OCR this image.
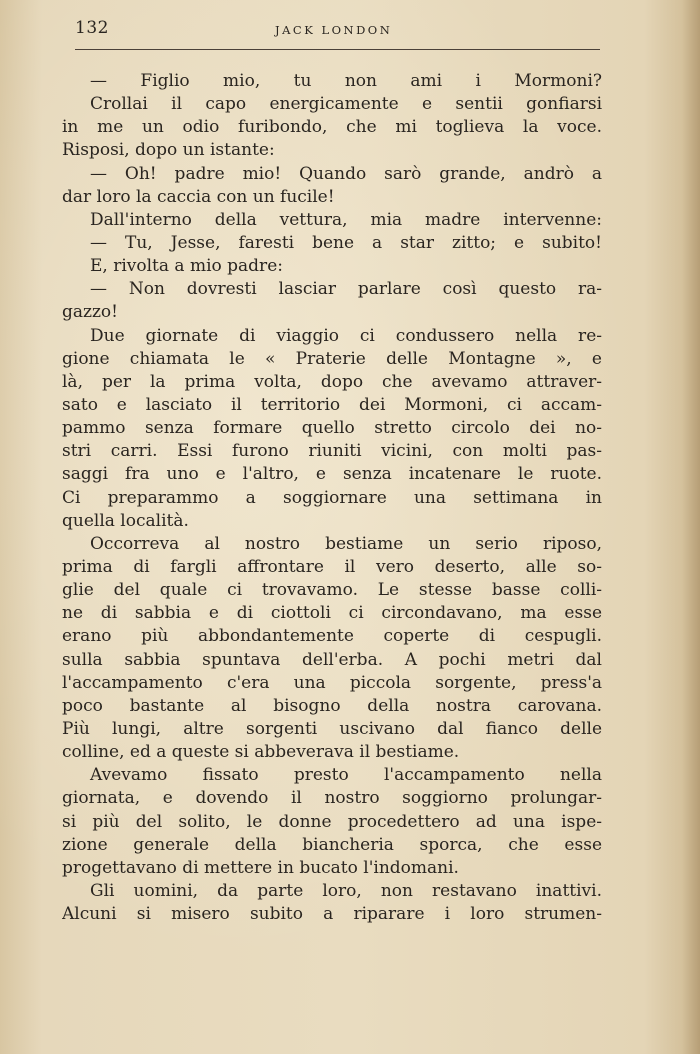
132	JACK LONDON
— Figlio mio, tu non ami i Mormoni?
Crollai il capo energicamente e sentii gonfiarsi
in me un odio furibondo, che mi toglieva la voce.
Risposi, dopo un istante:
— Oh! padre mio! Quando sarò grande, andrò a
dar loro la caccia con un fucile!
Dall'interno della vettura, mia madre intervenne:
— Tu, Jesse, faresti bene a star zitto; e subito!
E, rivolta a mio padre:
— Non dovresti lasciar parlare così questo ra-
gazzo!
Due giornate di viaggio ci condussero nella re-
gione chiamata le « Praterie delle Montagne », e
là, per la prima volta, dopo che avevamo attraver-
sato e lasciato il territorio dei Mormoni, ci accam-
pammo senza formare quello stretto circolo dei no-
stri carri. Essi furono riuniti vicini, con molti pas-
saggi fra uno e l'altro, e senza incatenare le ruote.
Ci preparammo a soggiornare una settimana in
quella località.
Occorreva al nostro bestiame un serio riposo,
prima di fargli affrontare il vero deserto, alle so-
glie del quale ci trovavamo. Le stesse basse colli-
ne di sabbia e di ciottoli ci circondavano, ma esse
erano più abbondantemente coperte di cespugli.
sulla sabbia spuntava dell'erba. A pochi metri dal
l'accampamento c'era una piccola sorgente, press'a
poco bastante al bisogno della nostra carovana.
Più lungi, altre sorgenti uscivano dal fianco delle
colline, ed a queste si abbeverava il bestiame.
Avevamo fissato presto l'accampamento nella
giornata, e dovendo il nostro soggiorno prolungar-
si più del solito, le donne procedettero ad una ispe-
zione generale della biancheria sporca, che esse
progettavano di mettere in bucato l'indomani.
Gli uomini, da parte loro, non restavano inattivi.
Alcuni si misero subito a riparare i loro strumen-
